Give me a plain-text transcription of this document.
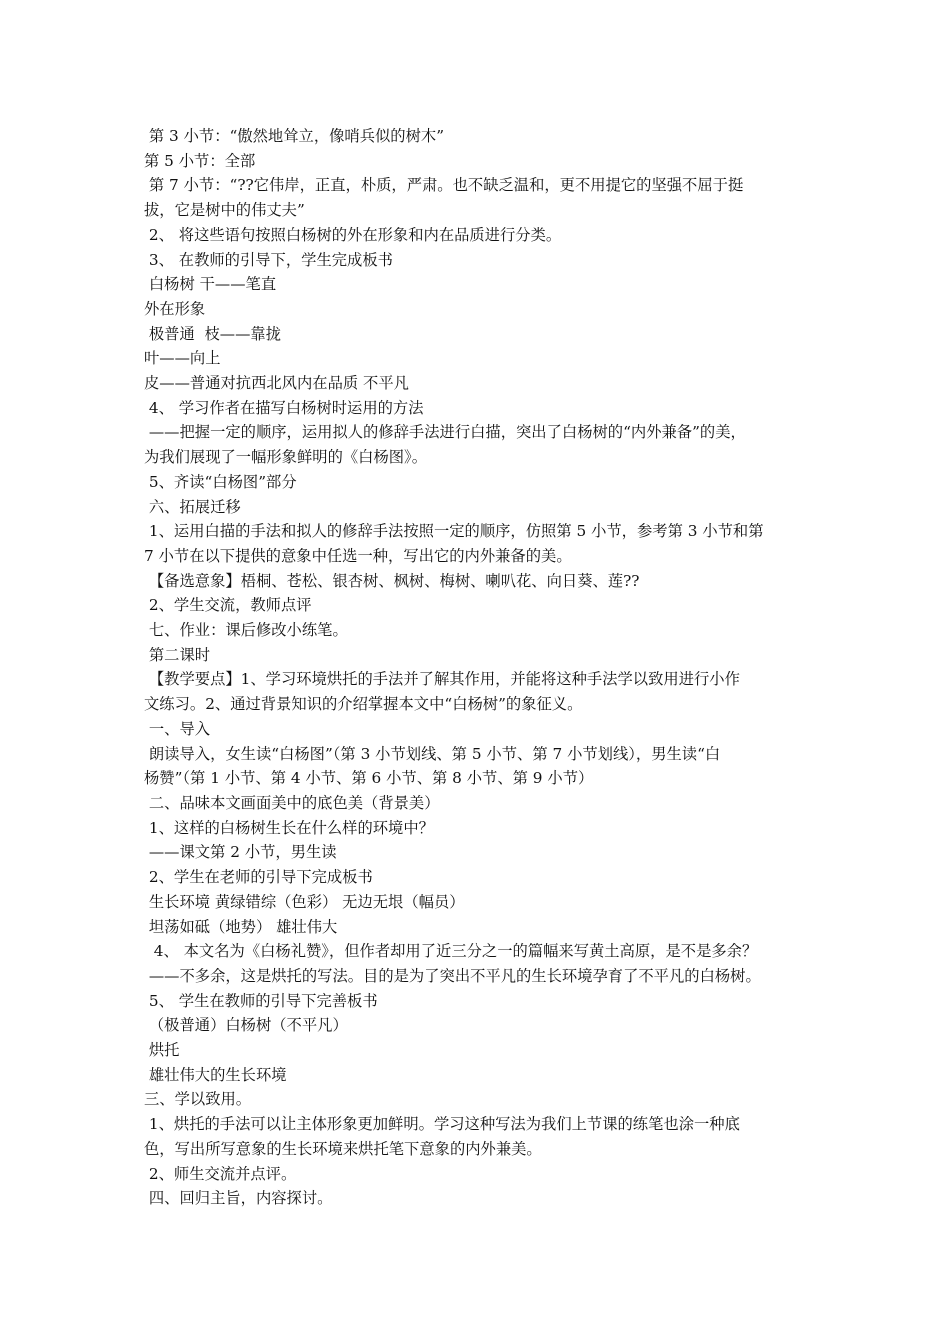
第 3 小节：“傲然地耸立，像哨兵似的树木”
第 5 小节：全部
第 7 小节：“??它伟岸，正直，朴质，严肃。也不缺乏温和，更不用提它的坚强不屈于挺
拔，它是树中的伟丈夫”
2、 将这些语句按照白杨树的外在形象和内在品质进行分类。
3、 在教师的引导下，学生完成板书
白杨树 干——笔直
外在形象
极普通  枝——靠拢
叶——向上
皮——普通对抗西北风内在品质 不平凡
4、 学习作者在描写白杨树时运用的方法
——把握一定的顺序，运用拟人的修辞手法进行白描，突出了白杨树的“内外兼备”的美，
为我们展现了一幅形象鲜明的《白杨图》。
5、齐读“白杨图”部分
六、拓展迁移
1、运用白描的手法和拟人的修辞手法按照一定的顺序，仿照第 5 小节，参考第 3 小节和第
7 小节在以下提供的意象中任选一种，写出它的内外兼备的美。
【备选意象】梧桐、苍松、银杏树、枫树、梅树、喇叭花、向日葵、莲??
2、学生交流，教师点评
七、作业：课后修改小练笔。
第二课时
【教学要点】1、学习环境烘托的手法并了解其作用，并能将这种手法学以致用进行小作
文练习。2、通过背景知识的介绍掌握本文中“白杨树”的象征义。
一、导入
朗读导入，女生读“白杨图”（第 3 小节划线、第 5 小节、第 7 小节划线），男生读“白
杨赞”（第 1 小节、第 4 小节、第 6 小节、第 8 小节、第 9 小节）
二、品味本文画面美中的底色美（背景美）
1、这样的白杨树生长在什么样的环境中？
——课文第 2 小节，男生读
2、学生在老师的引导下完成板书
生长环境 黄绿错综（色彩） 无边无垠（幅员）
坦荡如砥（地势） 雄壮伟大
4、 本文名为《白杨礼赞》，但作者却用了近三分之一的篇幅来写黄土高原，是不是多余？
——不多余，这是烘托的写法。目的是为了突出不平凡的生长环境孕育了不平凡的白杨树。
5、 学生在教师的引导下完善板书
（极普通）白杨树（不平凡）
烘托
雄壮伟大的生长环境
三、学以致用。
1、烘托的手法可以让主体形象更加鲜明。学习这种写法为我们上节课的练笔也涂一种底
色，写出所写意象的生长环境来烘托笔下意象的内外兼美。
2、师生交流并点评。
四、回归主旨，内容探讨。
